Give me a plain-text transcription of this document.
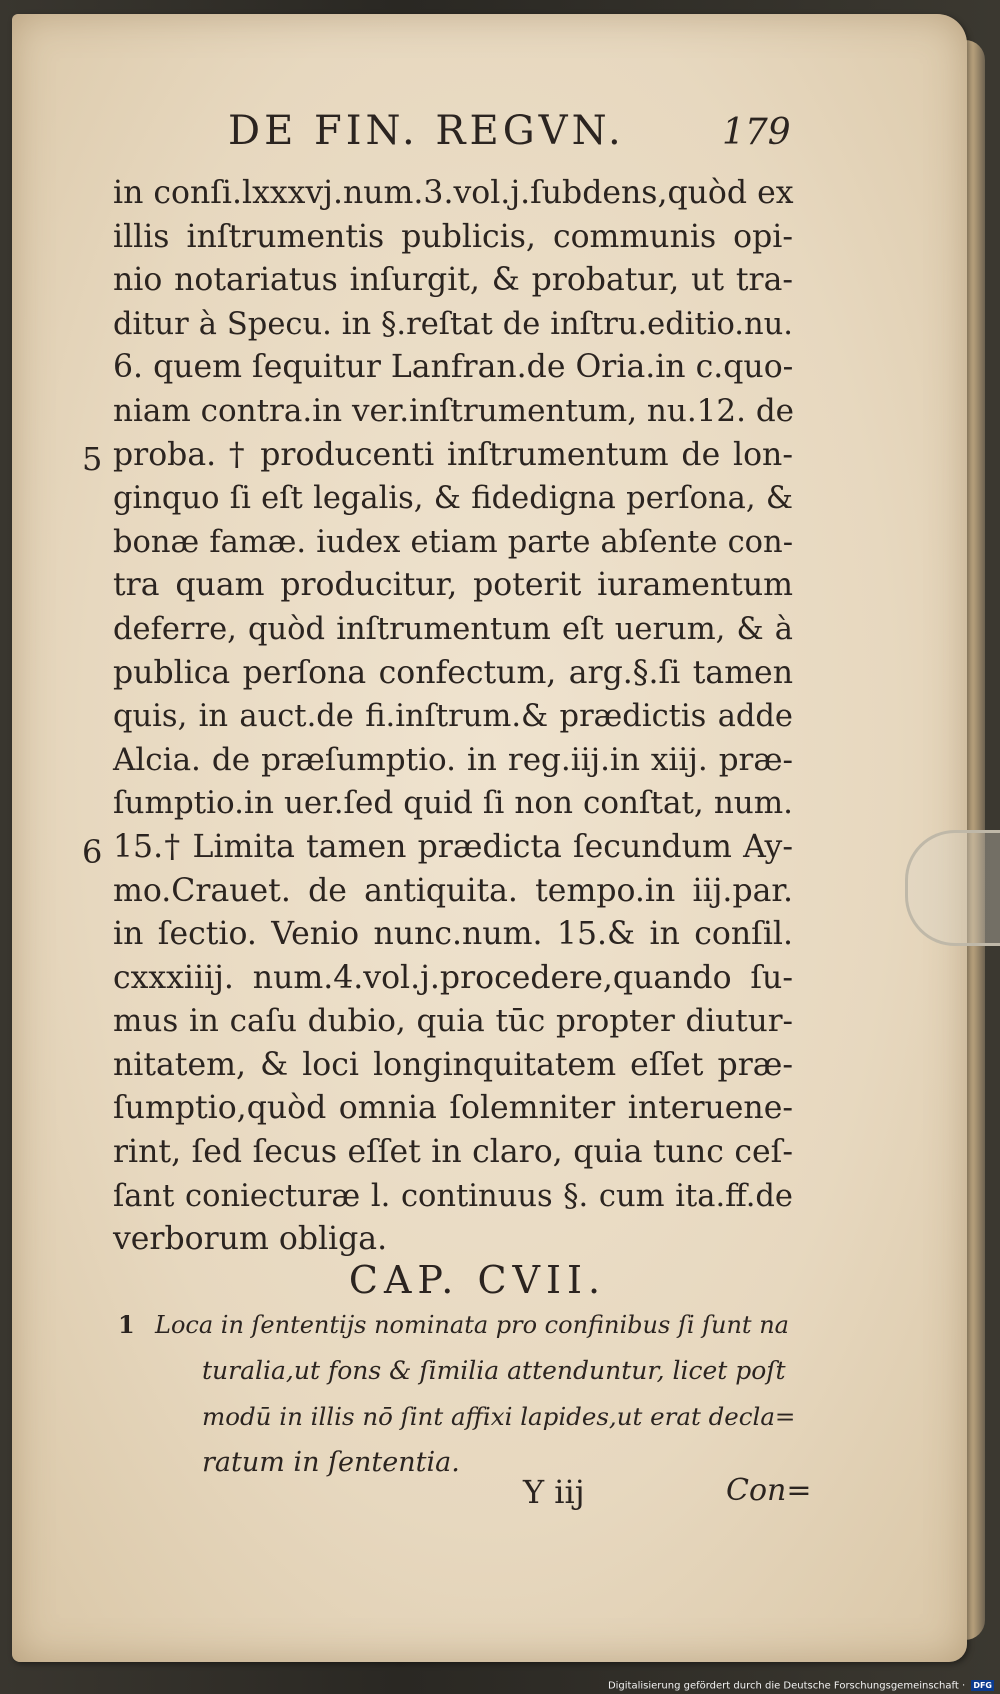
DE FIN. REGVN.	179
in conſi.lxxxvj.num.3.vol.j.ſubdens,quòd ex
illis inſtrumentis publicis, communis opi-
nio notariatus inſurgit, & probatur, ut tra-
ditur à Specu. in §.reſtat de inſtru.editio.nu.
6. quem ſequitur Lanfran.de Oria.in c.quo-
niam contra.in ver.inſtrumentum, nu.12. de
proba. † producenti inſtrumentum de lon-
ginquo ſi eſt legalis, & fidedigna perſona, &
bonæ famæ. iudex etiam parte abſente con-
tra quam producitur, poterit iuramentum
deferre, quòd inſtrumentum eſt uerum, & à
publica perſona confectum, arg.§.ſi tamen
quis, in auct.de fi.inſtrum.& prædictis adde
Alcia. de præſumptio. in reg.iij.in xiij. præ-
ſumptio.in uer.ſed quid ſi non conſtat, num.
15.† Limita tamen prædicta ſecundum Ay-
mo.Crauet. de antiquita. tempo.in iij.par.
in ſectio. Venio nunc.num. 15.& in conſil.
cxxxiiij. num.4.vol.j.procedere,quando ſu-
mus in caſu dubio, quia tūc propter diutur-
nitatem, & loci longinquitatem eſſet præ-
ſumptio,quòd omnia ſolemniter interuene-
rint, ſed ſecus eſſet in claro, quia tunc ceſ-
ſant coniecturæ l. continuus §. cum ita.ff.de
verborum obliga.
5
6
CAP. CVII.
1 Loca in ſententijs nominata pro confinibus ſi ſunt na
turalia,ut fons & ſimilia attenduntur, licet poſt
modū in illis nō ſint affixi lapides,ut erat decla=
ratum in ſententia.
Y iij	Con=
Digitalisierung gefördert durch die Deutsche Forschungsgemeinschaft · DFG
